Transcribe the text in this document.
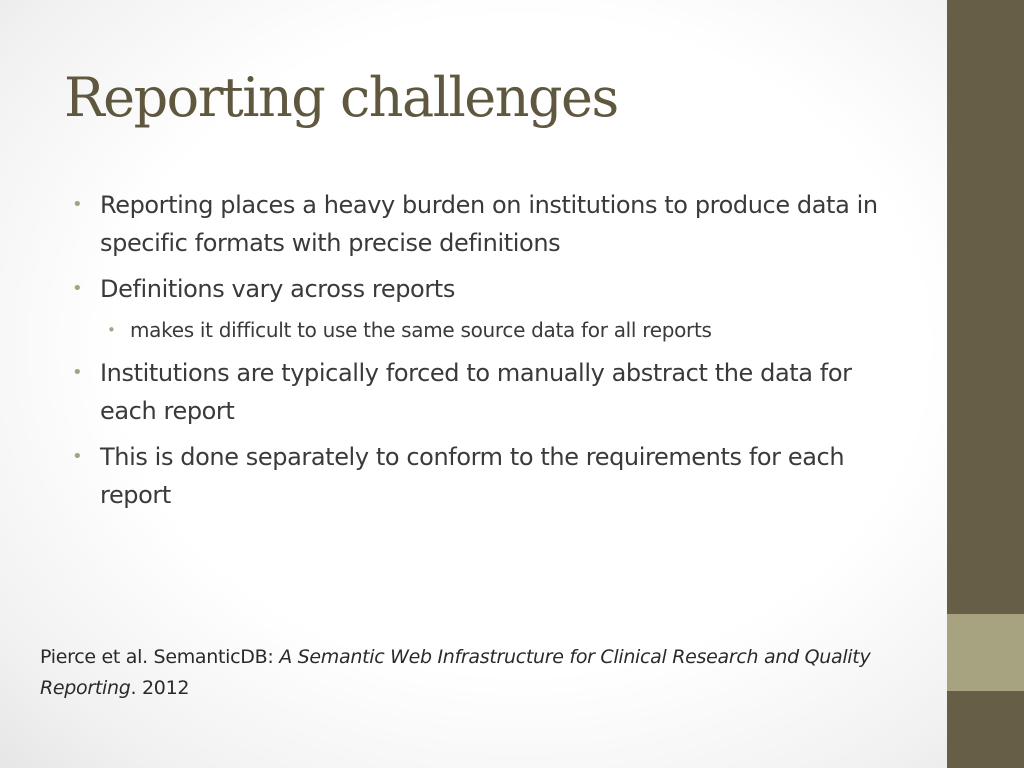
Reporting challenges
• Reporting places a heavy burden on institutions to produce data in specific formats with precise definitions
• Definitions vary across reports
• makes it difficult to use the same source data for all reports
• Institutions are typically forced to manually abstract the data for each report
• This is done separately to conform to the requirements for each report

Pierce et al. SemanticDB: A Semantic Web Infrastructure for Clinical Research and Quality Reporting. 2012
